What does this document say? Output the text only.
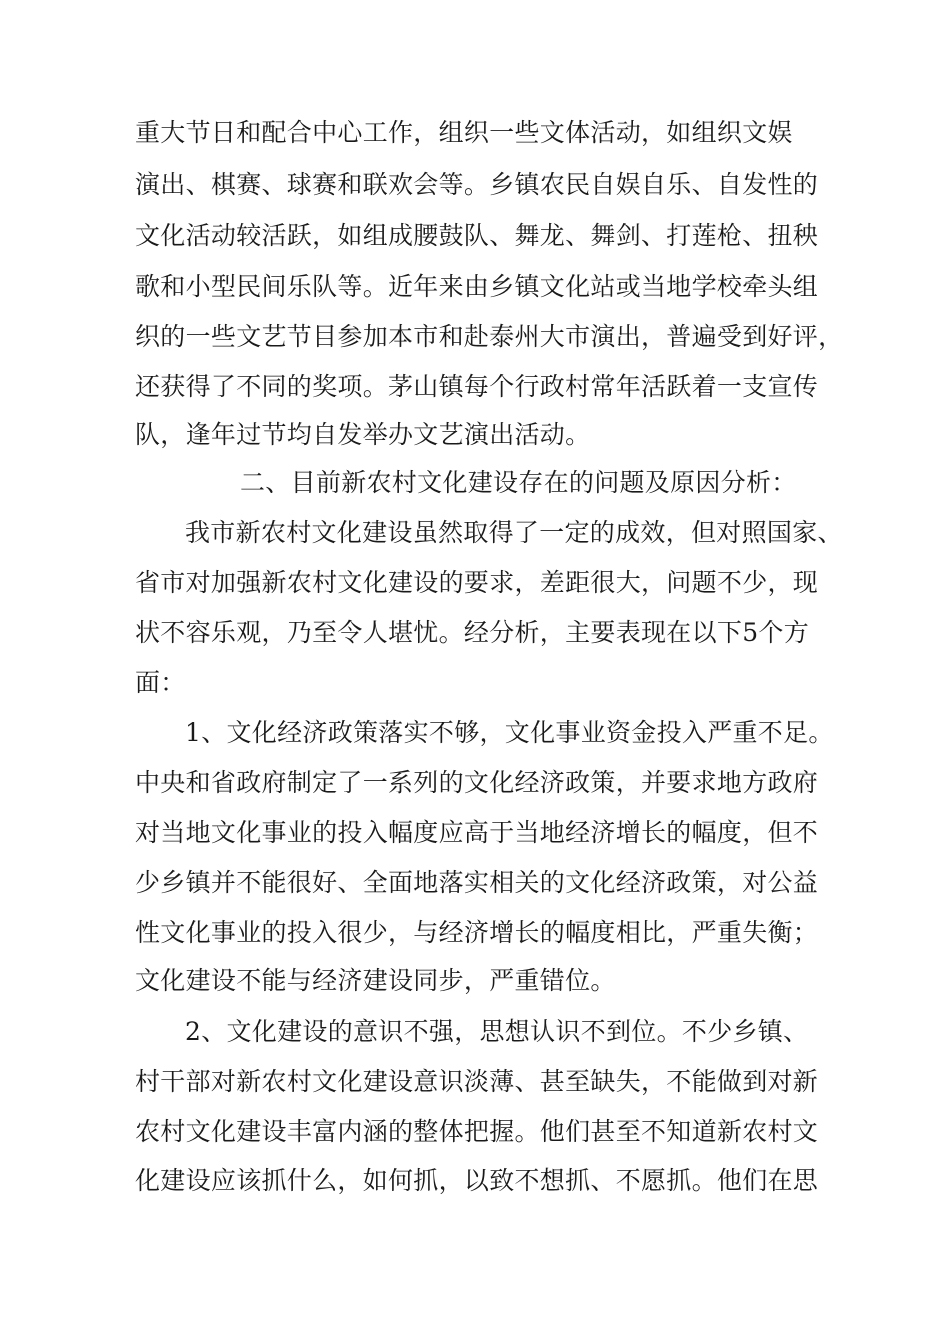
重大节日和配合中心工作，组织一些文体活动，如组织文娱
演出、棋赛、球赛和联欢会等。乡镇农民自娱自乐、自发性的
文化活动较活跃，如组成腰鼓队、舞龙、舞剑、打莲枪、扭秧
歌和小型民间乐队等。近年来由乡镇文化站或当地学校牵头组
织的一些文艺节目参加本市和赴泰州大市演出，普遍受到好评，
还获得了不同的奖项。茅山镇每个行政村常年活跃着一支宣传
队，逢年过节均自发举办文艺演出活动。
二、目前新农村文化建设存在的问题及原因分析：
我市新农村文化建设虽然取得了一定的成效，但对照国家、
省市对加强新农村文化建设的要求，差距很大，问题不少，现
状不容乐观，乃至令人堪忧。经分析，主要表现在以下5个方
面：
1、文化经济政策落实不够，文化事业资金投入严重不足。
中央和省政府制定了一系列的文化经济政策，并要求地方政府
对当地文化事业的投入幅度应高于当地经济增长的幅度，但不
少乡镇并不能很好、全面地落实相关的文化经济政策，对公益
性文化事业的投入很少，与经济增长的幅度相比，严重失衡；
文化建设不能与经济建设同步，严重错位。
2、文化建设的意识不强，思想认识不到位。不少乡镇、
村干部对新农村文化建设意识淡薄、甚至缺失，不能做到对新
农村文化建设丰富内涵的整体把握。他们甚至不知道新农村文
化建设应该抓什么，如何抓，以致不想抓、不愿抓。他们在思
